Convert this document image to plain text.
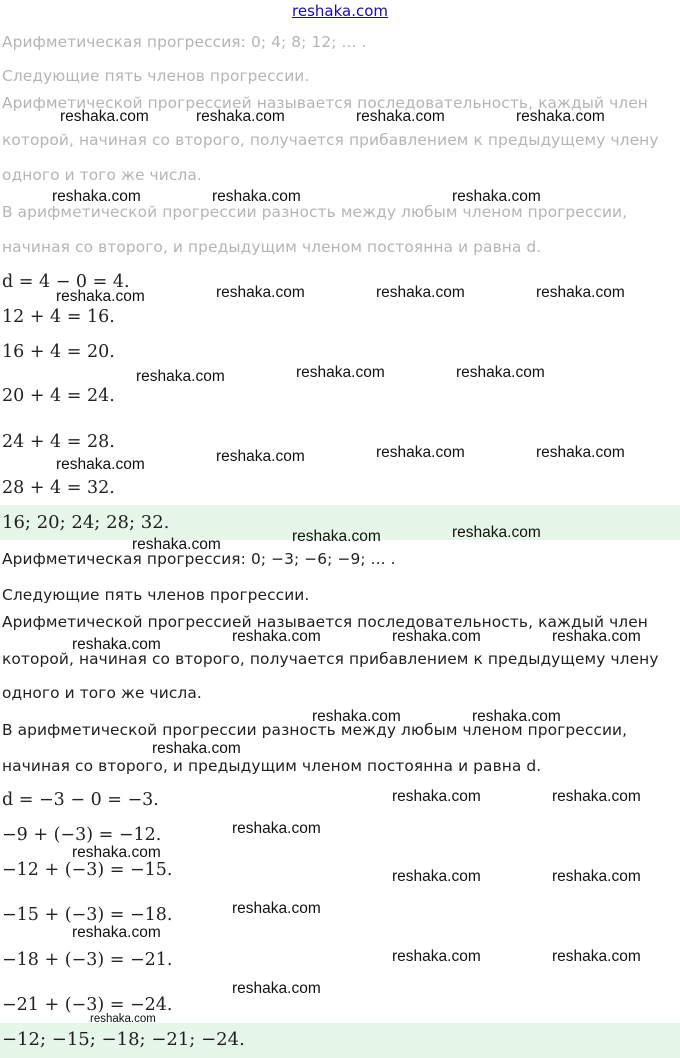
reshaka.com
Арифметическая прогрессия: 0; 4; 8; 12; ... .
Следующие пять членов прогрессии.
Арифметической прогрессией называется последовательность, каждый член
которой, начиная со второго, получается прибавлением к предыдущему члену
одного и того же числа.
В арифметической прогрессии разность между любым членом прогрессии,
начиная со второго, и предыдущим членом постоянна и равна d.
d = 4 − 0 = 4.
12 + 4 = 16.
16 + 4 = 20.
20 + 4 = 24.
24 + 4 = 28.
28 + 4 = 32.
16; 20; 24; 28; 32.
Арифметическая прогрессия: 0; −3; −6; −9; ... .
Следующие пять членов прогрессии.
Арифметической прогрессией называется последовательность, каждый член
которой, начиная со второго, получается прибавлением к предыдущему члену
одного и того же числа.
В арифметической прогрессии разность между любым членом прогрессии,
начиная со второго, и предыдущим членом постоянна и равна d.
d = −3 − 0 = −3.
−9 + (−3) = −12.
−12 + (−3) = −15.
−15 + (−3) = −18.
−18 + (−3) = −21.
−21 + (−3) = −24.
−12; −15; −18; −21; −24.
reshaka.com	reshaka.com	reshaka.com	reshaka.com
reshaka.com	reshaka.com	reshaka.com
reshaka.com	reshaka.com	reshaka.com	reshaka.com
reshaka.com	reshaka.com	reshaka.com
reshaka.com	reshaka.com	reshaka.com	reshaka.com
reshaka.com	reshaka.com
reshaka.com
reshaka.com	reshaka.com	reshaka.com
reshaka.com
reshaka.com	reshaka.com
reshaka.com
reshaka.com	reshaka.com
reshaka.com
reshaka.com
reshaka.com	reshaka.com
reshaka.com
reshaka.com
reshaka.com	reshaka.com
reshaka.com
reshaka.com
